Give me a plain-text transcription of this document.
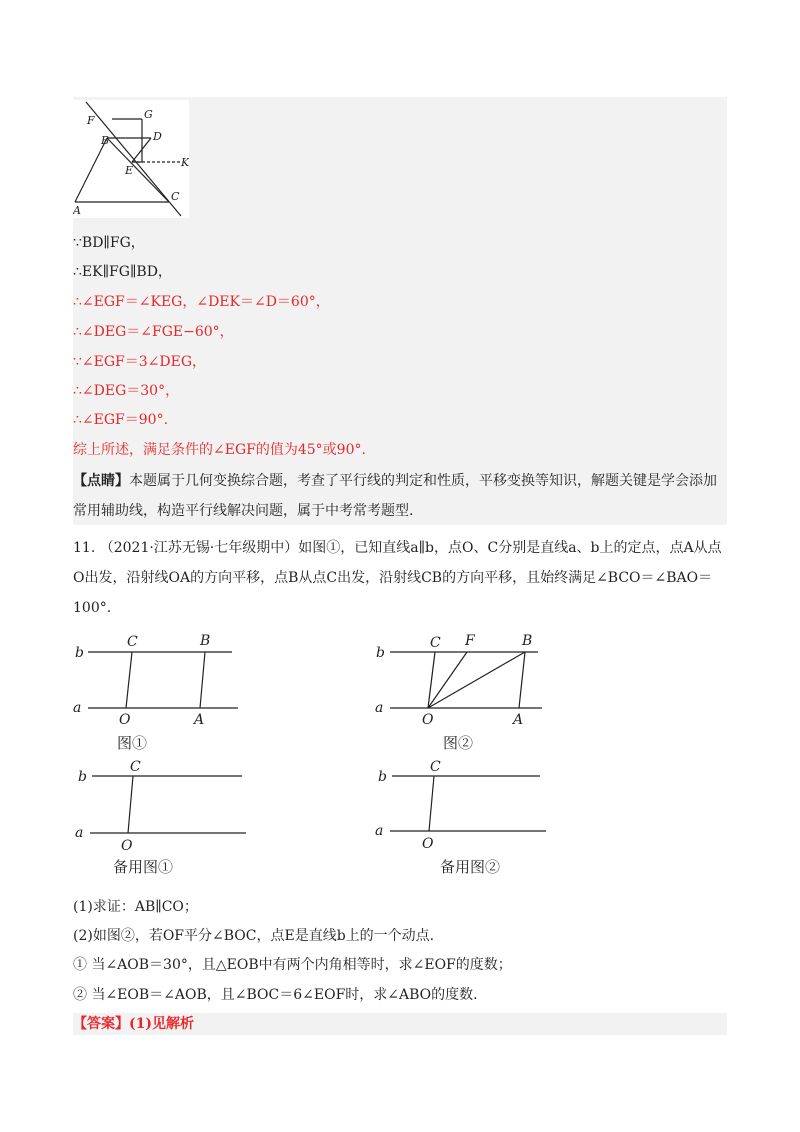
F	G
B	D
E
K
A
C
∵BD∥FG，
∴EK∥FG∥BD，
∴∠EGF＝∠KEG，∠DEK＝∠D＝60°，
∴∠DEG＝∠FGE−60°，
∵∠EGF＝3∠DEG，
∴∠DEG＝30°，
∴∠EGF＝90°.
综上所述，满足条件的∠EGF的值为45°或90°.
【点睛】本题属于几何变换综合题，考查了平行线的判定和性质，平移变换等知识，解题关键是学会添加常用辅助线，构造平行线解决问题，属于中考常考题型.
11. （2021·江苏无锡·七年级期中）如图①，已知直线a∥b，点O、C分别是直线a、b上的定点，点A从点O出发，沿射线OA的方向平移，点B从点C出发，沿射线CB的方向平移，且始终满足∠BCO＝∠BAO＝100°.
b
C	B
a
O	A
图①
b
C F	B
a
O	A
图②
b
C
a
O
备用图①
b
C
a
O
备用图②
(1)求证：AB∥CO；
(2)如图②，若OF平分∠BOC，点E是直线b上的一个动点.
① 当∠AOB＝30°，且△EOB中有两个内角相等时，求∠EOF的度数；
② 当∠EOB＝∠AOB，且∠BOC＝6∠EOF时，求∠ABO的度数.
【答案】(1)见解析
